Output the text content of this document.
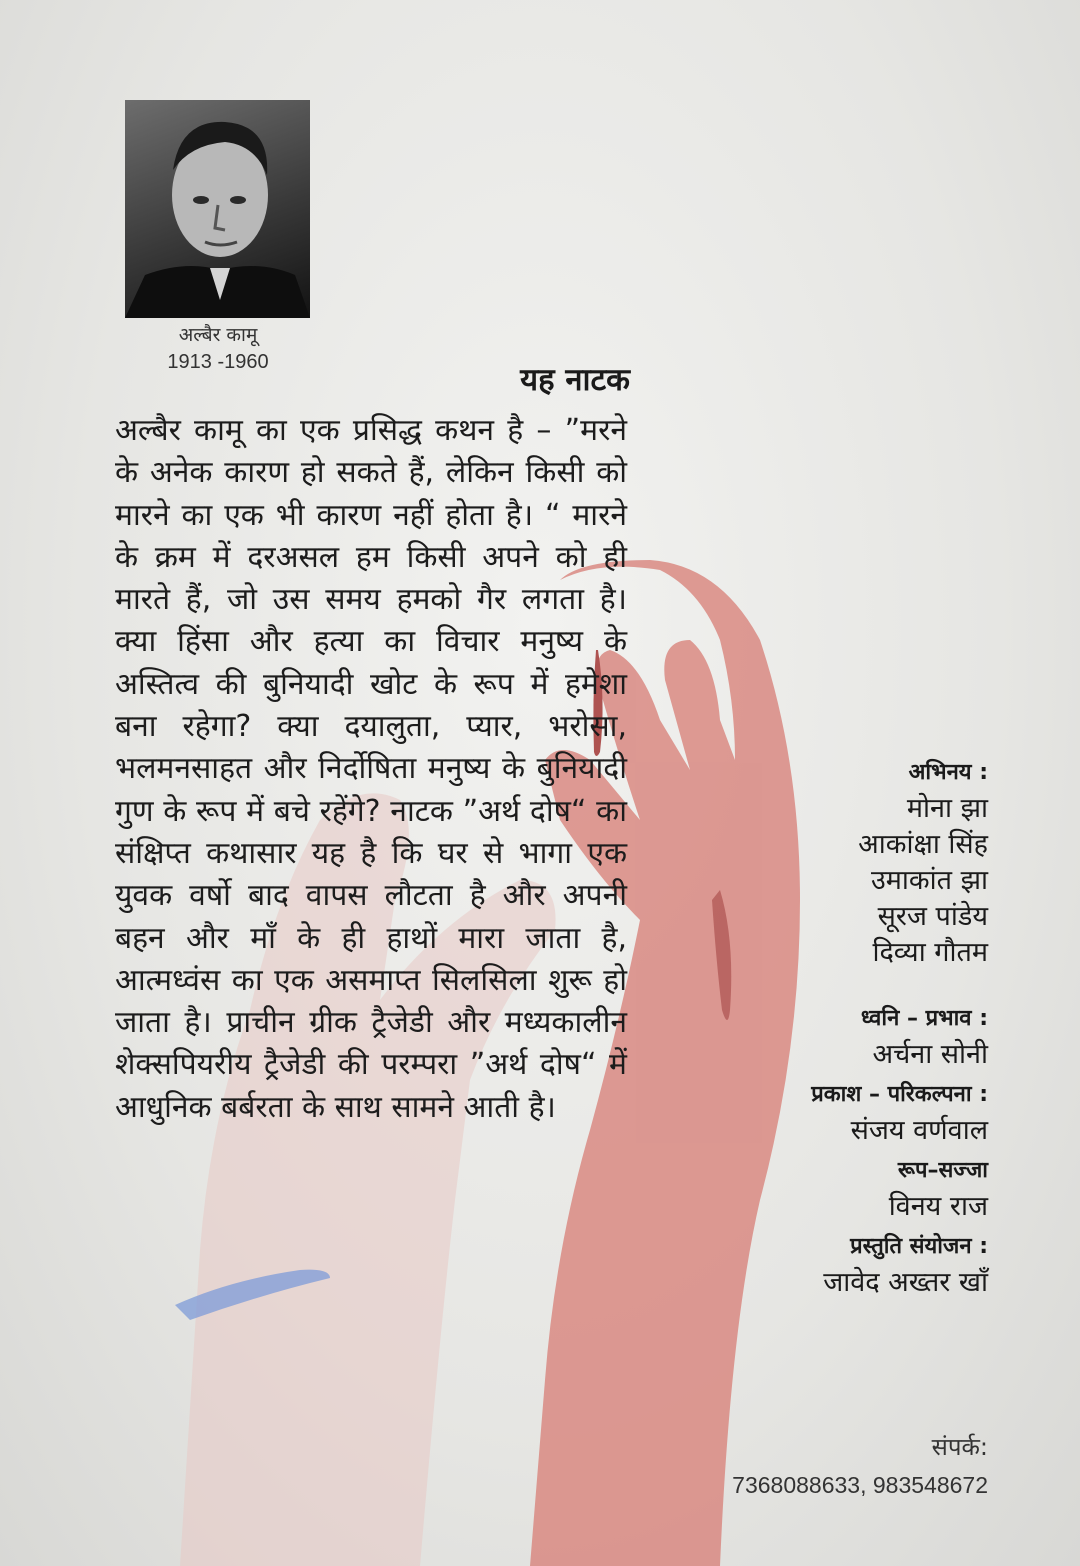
अल्बैर कामू
1913 -1960	यह नाटक
अल्बैर कामू का एक प्रसिद्ध कथन है – ”मरने के अनेक कारण हो सकते हैं, लेकिन किसी को मारने का एक भी कारण नहीं होता है। “ मारने के क्रम में दरअसल हम किसी अपने को ही मारते हैं, जो उस समय हमको गैर लगता है। क्या हिंसा और हत्या का विचार मनुष्य के अस्तित्व की बुनियादी खोट के रूप में हमेशा बना रहेगा? क्या दयालुता, प्यार, भरोसा, भलमनसाहत और निर्दोषिता मनुष्य के बुनियादी गुण के रूप में बचे रहेंगे? नाटक ”अर्थ दोष“ का संक्षिप्त कथासार यह है कि घर से भागा एक युवक वर्षो बाद वापस लौटता है और अपनी बहन और माँ के ही हाथों मारा जाता है, आत्मध्वंस का एक असमाप्त सिलसिला शुरू हो जाता है। प्राचीन ग्रीक ट्रैजेडी और मध्यकालीन शेक्सपियरीय ट्रैजेडी की परम्परा ”अर्थ दोष“ में आधुनिक बर्बरता के साथ सामने आती है।
अभिनय :
मोना झा
आकांक्षा सिंह
उमाकांत झा
सूरज पांडेय
दिव्या गौतम
ध्वनि – प्रभाव :
अर्चना सोनी
प्रकाश – परिकल्पना :
संजय वर्णवाल
रूप–सज्जा
विनय राज
प्रस्तुति संयोजन :
जावेद अख्तर खाँ
संपर्क:
7368088633, 983548672
